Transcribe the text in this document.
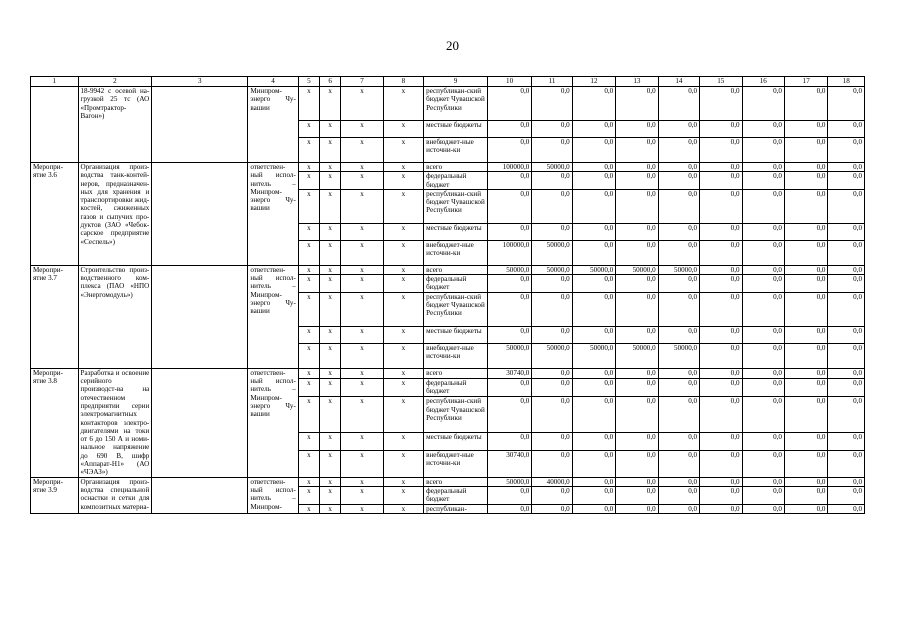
20
1	2	3	4	5	6	7	8	9	10	11	12	13	14	15	16	17	18
	18-9942 с осевой на-грузкой 25 тс (АО «Промтрактор-Вагон»)		Минпром-энерго Чу-вашии	х	х	х	х	республикан-ский бюджет Чувашской Республики	0,0	0,0	0,0	0,0	0,0	0,0	0,0	0,0	0,0
				х	х	х	х	местные бюджеты	0,0	0,0	0,0	0,0	0,0	0,0	0,0	0,0	0,0
				х	х	х	х	внебюджет-ные источни-ки	0,0	0,0	0,0	0,0	0,0	0,0	0,0	0,0	0,0
Меропри-ятие 3.6	Организация произ-водства танк-контей-неров, предназначен-ных для хранения и транспортировки жид-костей, сжиженных газов и сыпучих про-дуктов (ЗАО «Чебок-сарское предприятие «Сеспель»)		ответствен-ный испол-нитель – Минпром-энерго Чу-вашии	х	х	х	х	всего	100000,0	50000,0	0,0	0,0	0,0	0,0	0,0	0,0	0,0
				х	х	х	х	федеральный бюджет	0,0	0,0	0,0	0,0	0,0	0,0	0,0	0,0	0,0
				х	х	х	х	республикан-ский бюджет Чувашской Республики	0,0	0,0	0,0	0,0	0,0	0,0	0,0	0,0	0,0
				х	х	х	х	местные бюджеты	0,0	0,0	0,0	0,0	0,0	0,0	0,0	0,0	0,0
				х	х	х	х	внебюджет-ные источни-ки	100000,0	50000,0	0,0	0,0	0,0	0,0	0,0	0,0	0,0
Меропри-ятие 3.7	Строительство произ-водственного ком-плекса (ПАО «НПО «Энергомодуль»)		ответствен-ный испол-нитель – Минпром-энерго Чу-вашии	х	х	х	х	всего	50000,0	50000,0	50000,0	50000,0	50000,0	0,0	0,0	0,0	0,0
				х	х	х	х	федеральный бюджет	0,0	0,0	0,0	0,0	0,0	0,0	0,0	0,0	0,0
				х	х	х	х	республикан-ский бюджет Чувашской Республики	0,0	0,0	0,0	0,0	0,0	0,0	0,0	0,0	0,0
				х	х	х	х	местные бюджеты	0,0	0,0	0,0	0,0	0,0	0,0	0,0	0,0	0,0
				х	х	х	х	внебюджет-ные источни-ки	50000,0	50000,0	50000,0	50000,0	50000,0	0,0	0,0	0,0	0,0
Меропри-ятие 3.8	Разработка и освоение серийного производст-ва на отечественном предприятии серии электромагнитных контакторов электро-двигателями на токи от 6 до 150 А и номи-нальное напряжение до 690 В, шифр «Аппарат-Н1» (АО «ЧЭАЗ»)		ответствен-ный испол-нитель – Минпром-энерго Чу-вашии	х	х	х	х	всего	30740,0	0,0	0,0	0,0	0,0	0,0	0,0	0,0	0,0
				х	х	х	х	федеральный бюджет	0,0	0,0	0,0	0,0	0,0	0,0	0,0	0,0	0,0
				х	х	х	х	республикан-ский бюджет Чувашской Республики	0,0	0,0	0,0	0,0	0,0	0,0	0,0	0,0	0,0
				х	х	х	х	местные бюджеты	0,0	0,0	0,0	0,0	0,0	0,0	0,0	0,0	0,0
				х	х	х	х	внебюджет-ные источни-ки	30740,0	0,0	0,0	0,0	0,0	0,0	0,0	0,0	0,0
Меропри-ятие 3.9	Организация произ-водства специальной оснастки и сетки для композитных материа-		ответствен-ный испол-нитель – Минпром-	х	х	х	х	всего	50000,0	40000,0	0,0	0,0	0,0	0,0	0,0	0,0	0,0
				х	х	х	х	федеральный бюджет	0,0	0,0	0,0	0,0	0,0	0,0	0,0	0,0	0,0
				х	х	х	х	республикан-	0,0	0,0	0,0	0,0	0,0	0,0	0,0	0,0	0,0
